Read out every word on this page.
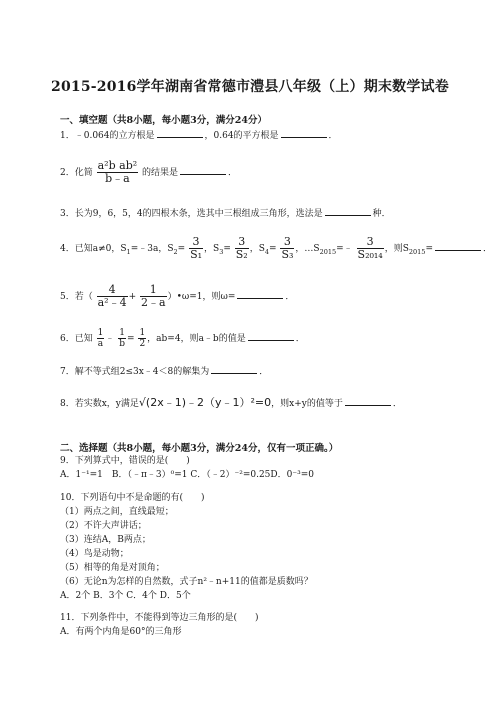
2015-2016学年湖南省常德市澧县八年级（上）期末数学试卷
一、填空题（共8小题，每小题3分，满分24分）
1．﹣0.064的立方根是	，0.64的平方根是	．
2．化简 $\frac{\text{a²b ab²}}{b﹣a}$ 的结果是	．
3．长为9，6，5，4的四根木条，选其中三根组成三角形，选法是	种．
4．已知a≠0，$S_1=﹣3a$，$S_2= \frac{3}{\text{S₁}}$ ，$S_3= \frac{3}{\text{S₂}}$ ，$S_4= \frac{3}{\text{S₃}}$ ，$\dots S_{2015}=﹣ \frac{3}{\text{S₂₀₁₄}}$ ，则$S_{2015}=$	．
5．若（ $\frac{4}{\text{a²﹣4}} + \frac{1}{2﹣a}$ ）•ω=1，则ω=	．
6．已知 $\frac{1}{a}$ ﹣ $\frac{1}{b} = \frac{1}{2}$ ，ab=4，则a﹣b的值是	．
7．解不等式组2≤3x﹣4＜8的解集为	．
8．若实数x，y满足√(2x﹣1)﹣2（y﹣1）²=0，则x+y的值等于	．
二、选择题（共8小题，每小题3分，满分24分，仅有一项正确。）
9．下列算式中，错误的是(　　)
A．1⁻¹=1　B．（﹣π﹣3）⁰=1 C．（﹣2）⁻²=0.25D．0⁻³=0
10．下列语句中不是命题的有(　　)
（1）两点之间，直线最短；
（2）不许大声讲话；
（3）连结A，B两点；
（4）鸟是动物；
（5）相等的角是对顶角；
（6）无论n为怎样的自然数，式子n²﹣n+11的值都是质数吗？
A．2个 B．3个 C．4个 D．5个
11．下列条件中，不能得到等边三角形的是(　　)
A．有两个内角是60°的三角形
